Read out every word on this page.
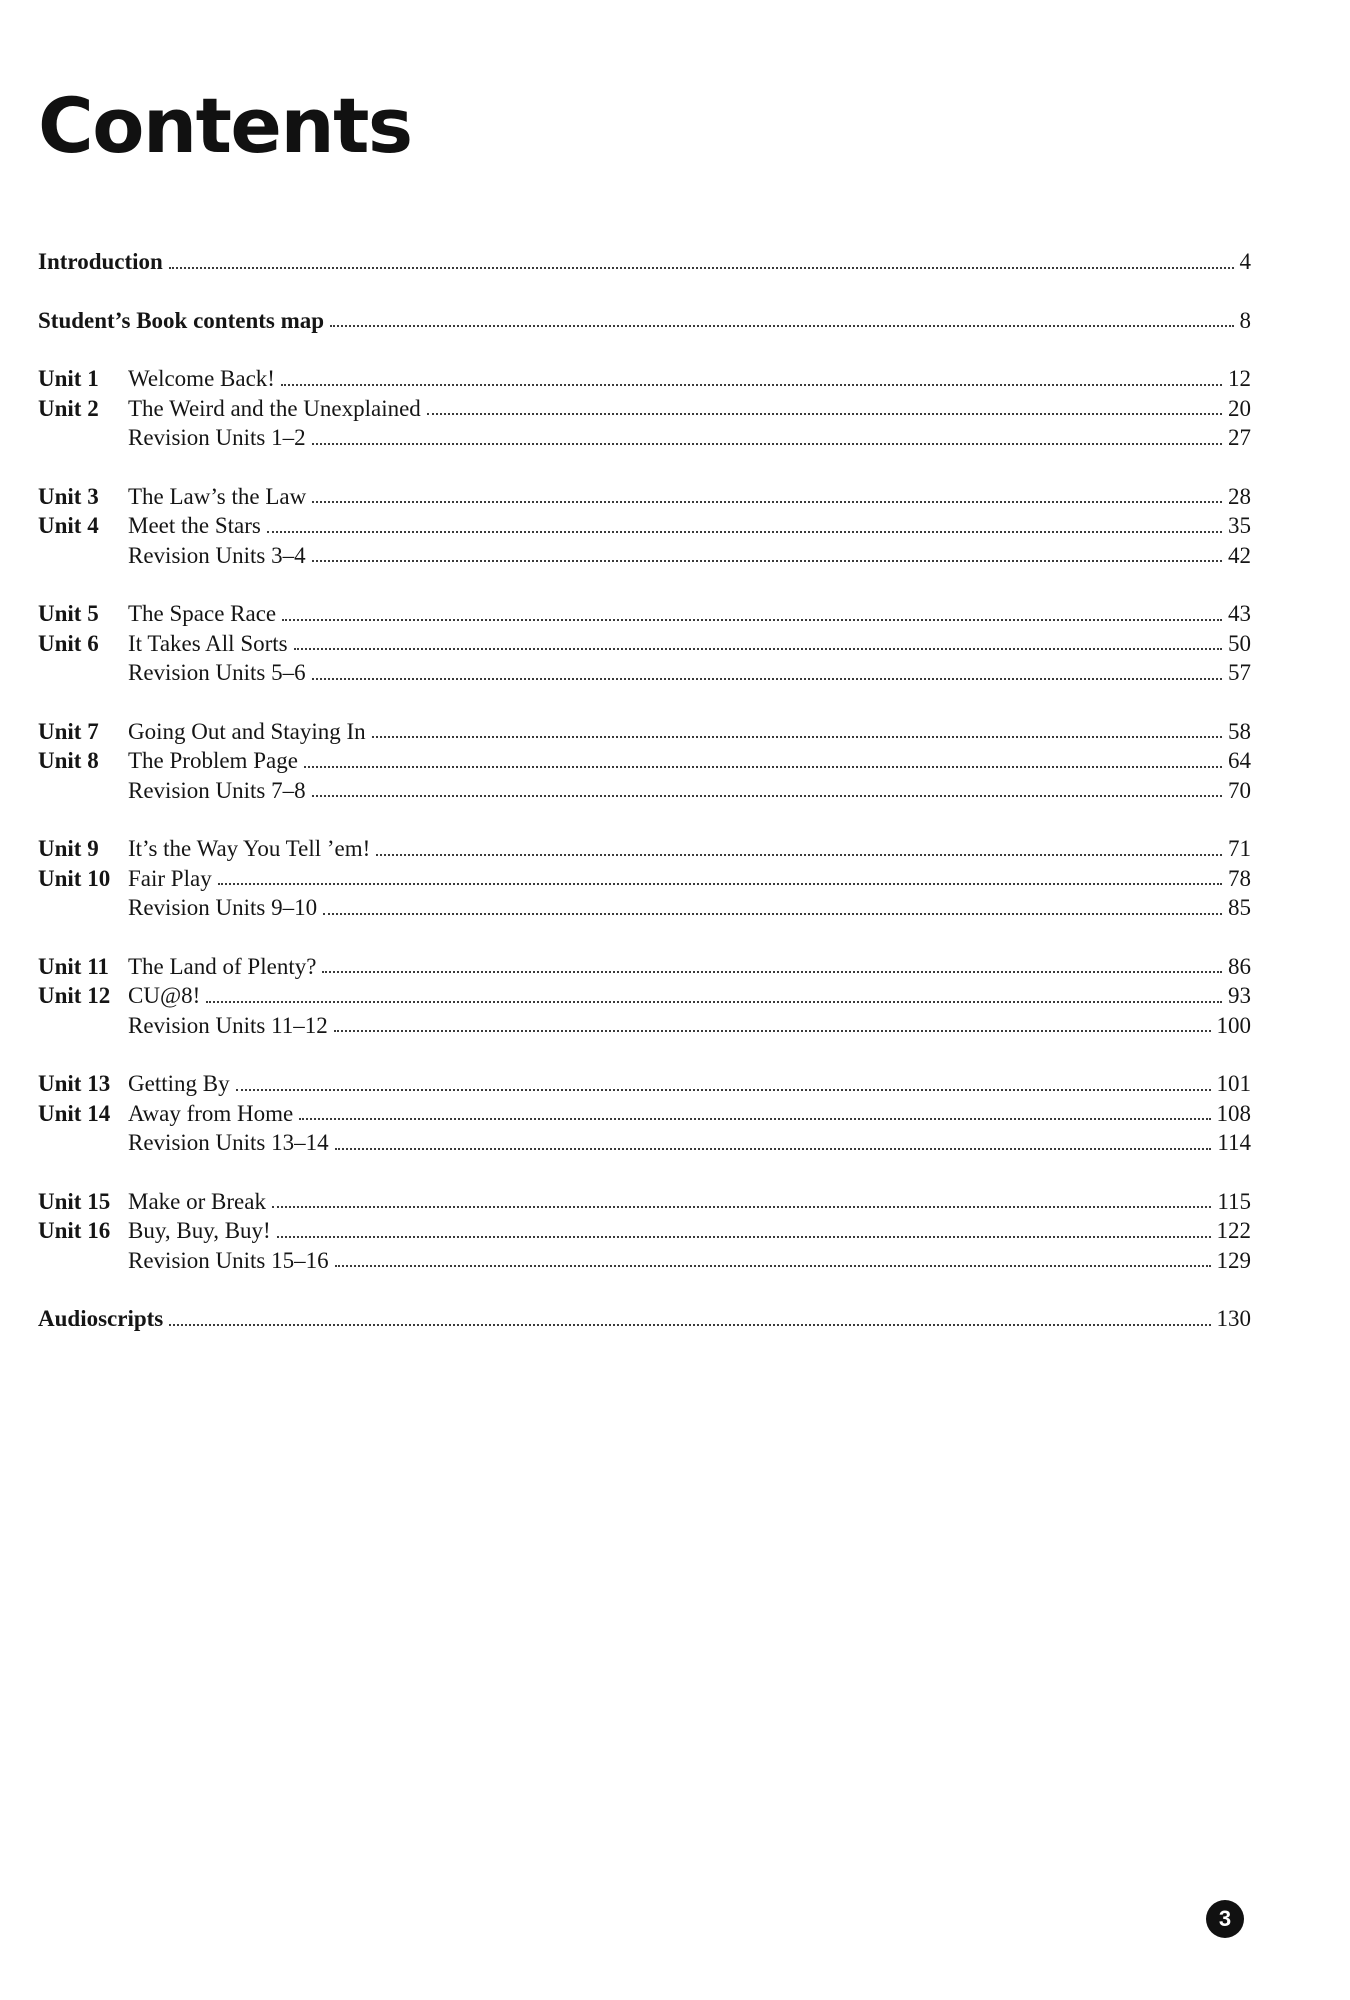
Contents
Introduction	4
Student’s Book contents map	8
Unit 1	Welcome Back!	12
Unit 2	The Weird and the Unexplained	20
Revision Units 1–2	27
Unit 3	The Law’s the Law	28
Unit 4	Meet the Stars	35
Revision Units 3–4	42
Unit 5	The Space Race	43
Unit 6	It Takes All Sorts	50
Revision Units 5–6	57
Unit 7	Going Out and Staying In	58
Unit 8	The Problem Page	64
Revision Units 7–8	70
Unit 9	It’s the Way You Tell ’em!	71
Unit 10 Fair Play	78
Revision Units 9–10	85
Unit 11 The Land of Plenty?	86
Unit 12 CU@8!	93
Revision Units 11–12	100
Unit 13 Getting By	101
Unit 14 Away from Home	108
Revision Units 13–14	114
Unit 15 Make or Break	115
Unit 16 Buy, Buy, Buy!	122
Revision Units 15–16	129
Audioscripts	130
3
